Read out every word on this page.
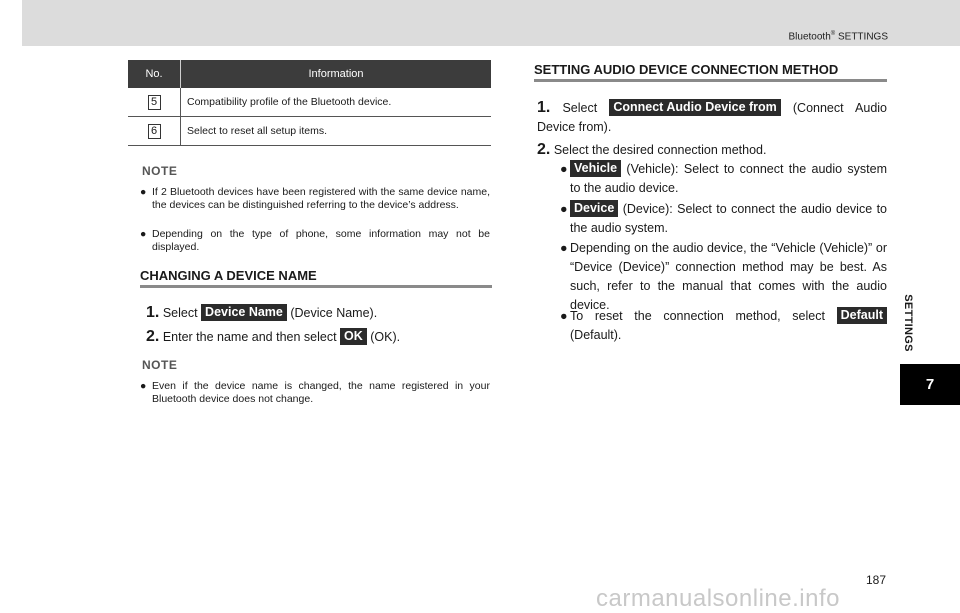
Bluetooth® SETTINGS
No.	Information
5	Compatibility profile of the Bluetooth device.
6	Select to reset all setup items.
NOTE
● If 2 Bluetooth devices have been registered with the same device name, the devices can be distinguished referring to the device’s address.
● Depending on the type of phone, some information may not be displayed.
CHANGING A DEVICE NAME
1. Select Device Name (Device Name).
2. Enter the name and then select OK (OK).
NOTE
● Even if the device name is changed, the name registered in your Bluetooth device does not change.
SETTING AUDIO DEVICE CONNECTION METHOD
1. Select Connect Audio Device from (Connect Audio Device from).
2. Select the desired connection method.
● Vehicle (Vehicle): Select to connect the audio system to the audio device.
● Device (Device): Select to connect the audio device to the audio system.
● Depending on the audio device, the “Vehicle (Vehicle)” or “Device (Device)” connection method may be best. As such, refer to the manual that comes with the audio device.
● To reset the connection method, select Default (Default).	SETTINGS
7
187
carmanualsonline.info
